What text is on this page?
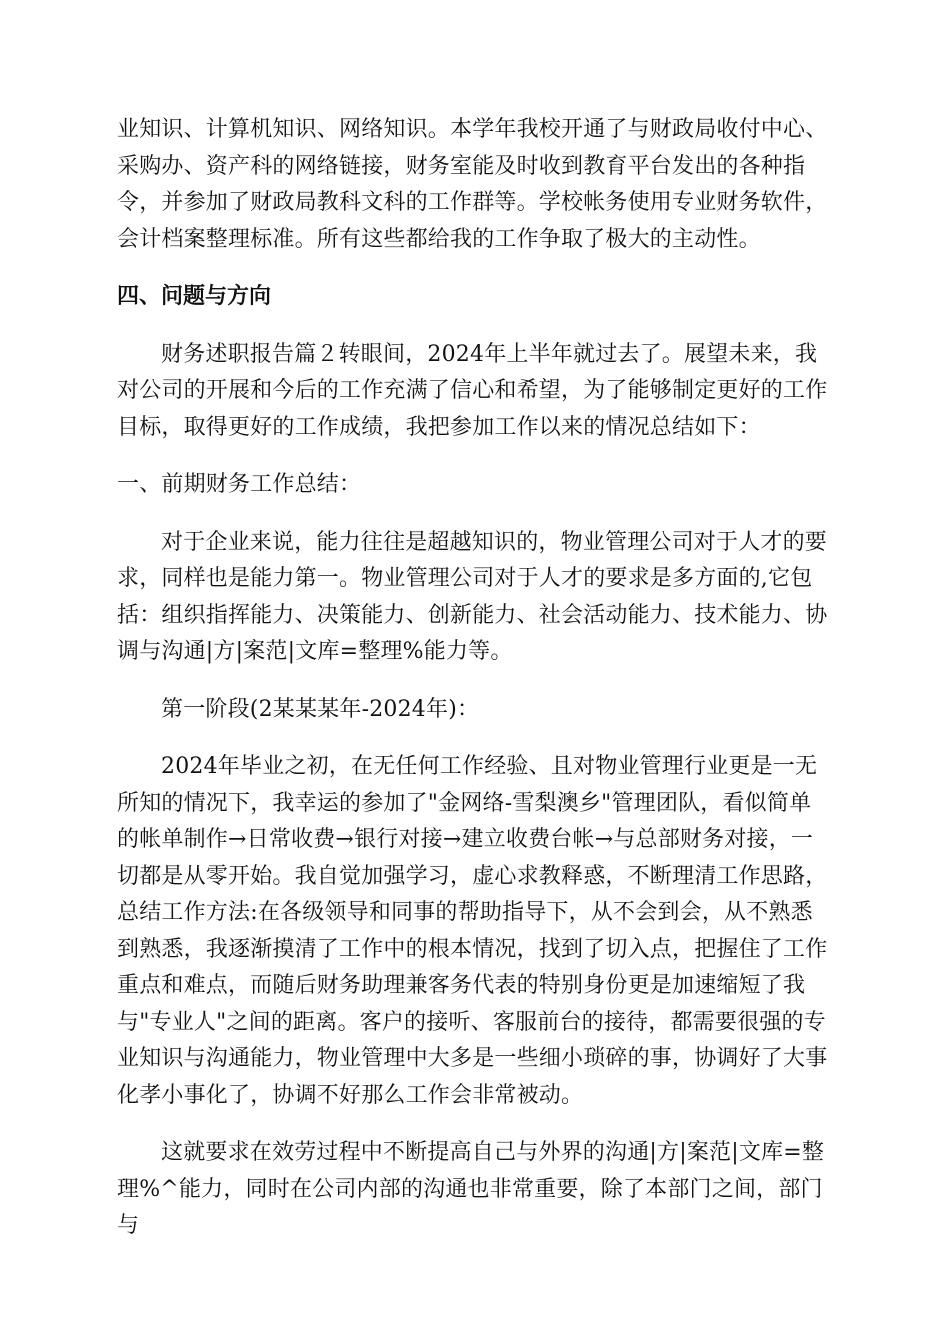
业知识、计算机知识、网络知识。本学年我校开通了与财政局收付中心、采购办、资产科的网络链接，财务室能及时收到教育平台发出的各种指令，并参加了财政局教科文科的工作群等。学校帐务使用专业财务软件，会计档案整理标准。所有这些都给我的工作争取了极大的主动性。

四、问题与方向

财务述职报告篇２转眼间，2024年上半年就过去了。展望未来，我对公司的开展和今后的工作充满了信心和希望，为了能够制定更好的工作目标，取得更好的工作成绩，我把参加工作以来的情况总结如下：

一、前期财务工作总结：

对于企业来说，能力往往是超越知识的，物业管理公司对于人才的要求，同样也是能力第一。物业管理公司对于人才的要求是多方面的,它包括：组织指挥能力、决策能力、创新能力、社会活动能力、技术能力、协调与沟通|方|案范|文库=整理%能力等。

第一阶段(2某某某年-2024年)：

2024年毕业之初，在无任何工作经验、且对物业管理行业更是一无所知的情况下，我幸运的参加了"金网络-雪梨澳乡"管理团队，看似简单的帐单制作→日常收费→银行对接→建立收费台帐→与总部财务对接，一切都是从零开始。我自觉加强学习，虚心求教释惑，不断理清工作思路，总结工作方法:在各级领导和同事的帮助指导下，从不会到会，从不熟悉到熟悉，我逐渐摸清了工作中的根本情况，找到了切入点，把握住了工作重点和难点，而随后财务助理兼客务代表的特别身份更是加速缩短了我与"专业人"之间的距离。客户的接听、客服前台的接待，都需要很强的专业知识与沟通能力，物业管理中大多是一些细小琐碎的事，协调好了大事化孝小事化了，协调不好那么工作会非常被动。

这就要求在效劳过程中不断提高自己与外界的沟通|方|案范|文库=整理%^能力，同时在公司内部的沟通也非常重要，除了本部门之间，部门与
